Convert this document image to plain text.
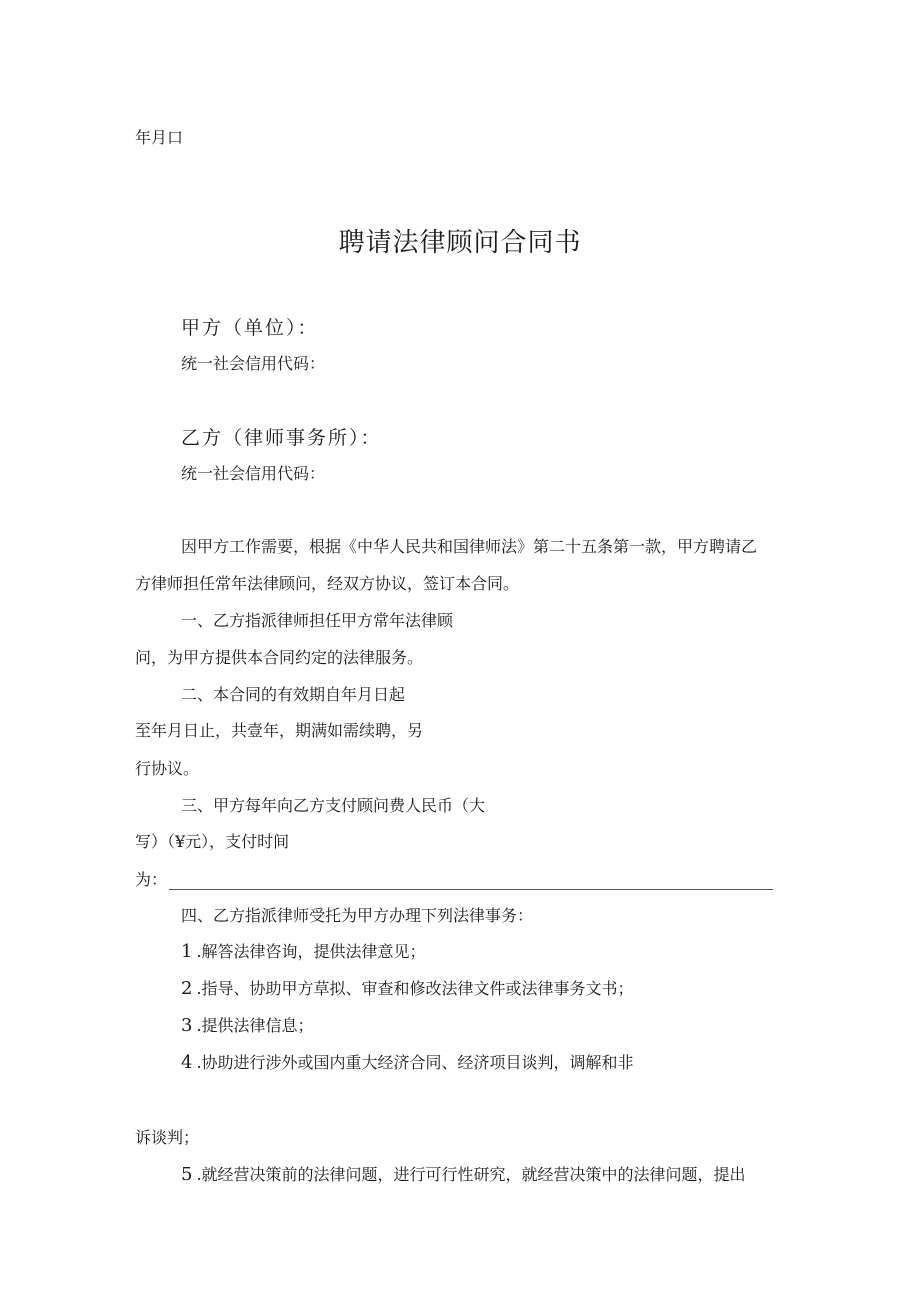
年月口
聘请法律顾问合同书
甲方（单位）：
统一社会信用代码：
乙方（律师事务所）：
统一社会信用代码：
因甲方工作需要，根据《中华人民共和国律师法》第二十五条第一款，甲方聘请乙
方律师担任常年法律顾问，经双方协议，签订本合同。
一、乙方指派律师担任甲方常年法律顾
问，为甲方提供本合同约定的法律服务。
二、本合同的有效期自年月日起
至年月日止，共壹年，期满如需续聘，另
行协议。
三、甲方每年向乙方支付顾问费人民币（大
写）（¥元），支付时间
为：
四、乙方指派律师受托为甲方办理下列法律事务：
1.解答法律咨询，提供法律意见；
2.指导、协助甲方草拟、审查和修改法律文件或法律事务文书；
3.提供法律信息；
4.协助进行涉外或国内重大经济合同、经济项目谈判，调解和非
诉谈判；
5.就经营决策前的法律问题，进行可行性研究，就经营决策中的法律问题，提出
